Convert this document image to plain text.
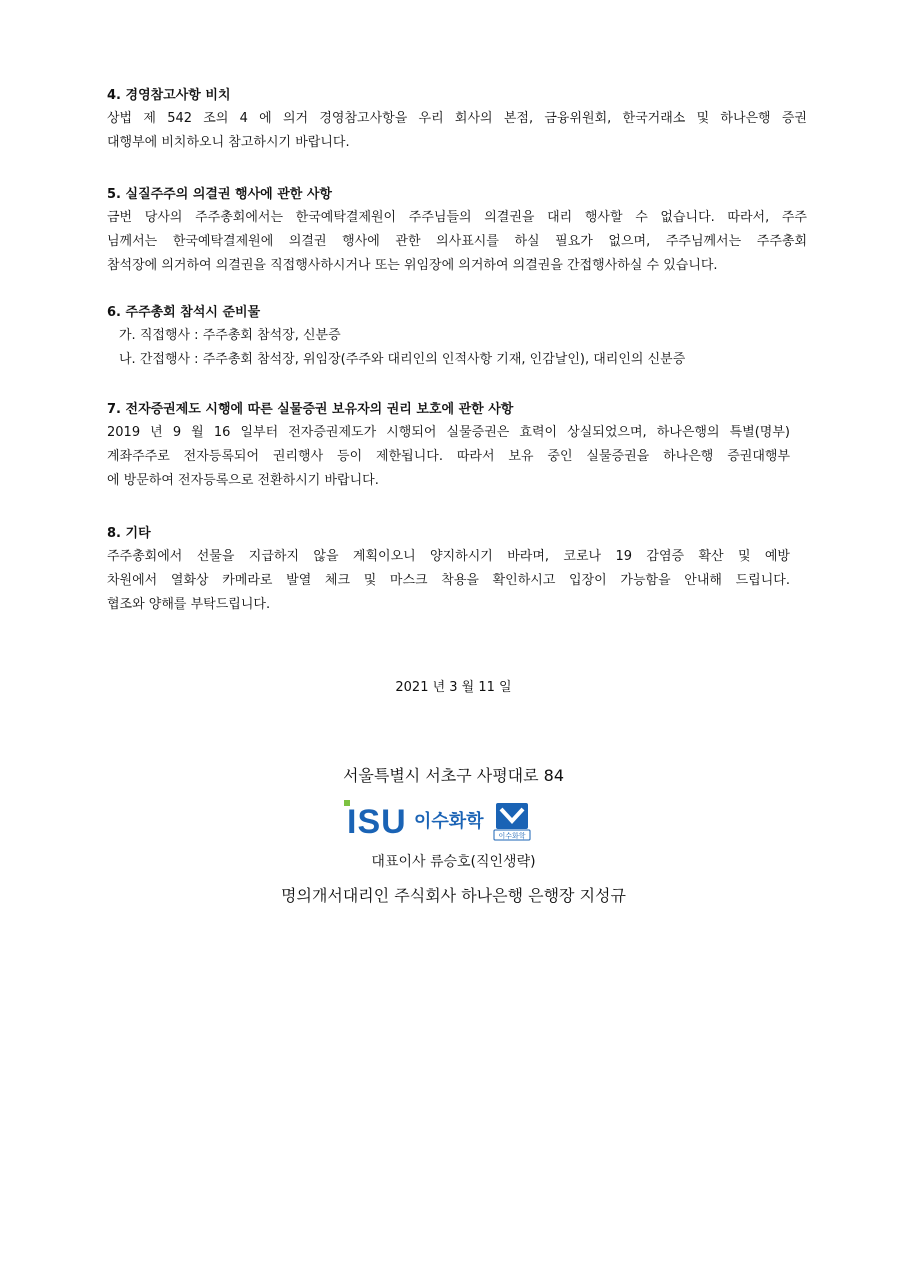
4. 경영참고사항 비치
상법 제 542 조의 4 에 의거 경영참고사항을 우리 회사의 본점, 금융위원회, 한국거래소 및 하나은행 증권
대행부에 비치하오니 참고하시기 바랍니다.
5. 실질주주의 의결권 행사에 관한 사항
금번 당사의 주주총회에서는 한국예탁결제원이 주주님들의 의결권을 대리 행사할 수 없습니다. 따라서, 주주
님께서는 한국예탁결제원에 의결권 행사에 관한 의사표시를 하실 필요가 없으며, 주주님께서는 주주총회
참석장에 의거하여 의결권을 직접행사하시거나 또는 위임장에 의거하여 의결권을 간접행사하실 수 있습니다.
6. 주주총회 참석시 준비물
가. 직접행사 : 주주총회 참석장, 신분증
나. 간접행사 : 주주총회 참석장, 위임장(주주와 대리인의 인적사항 기재, 인감날인), 대리인의 신분증
7. 전자증권제도 시행에 따른 실물증권 보유자의 권리 보호에 관한 사항
2019 년 9 월 16 일부터 전자증권제도가 시행되어 실물증권은 효력이 상실되었으며, 하나은행의 특별(명부)
계좌주주로 전자등록되어 권리행사 등이 제한됩니다. 따라서 보유 중인 실물증권을 하나은행 증권대행부
에 방문하여 전자등록으로 전환하시기 바랍니다.
8. 기타
주주총회에서 선물을 지급하지 않을 계획이오니 양지하시기 바라며, 코로나 19 감염증 확산 및 예방
차원에서 열화상 카메라로 발열 체크 및 마스크 착용을 확인하시고 입장이 가능함을 안내해 드립니다.
협조와 양해를 부탁드립니다.
2021 년 3 월 11 일
서울특별시 서초구 사평대로 84
ISU 이수화학
이수화학
대표이사 류승호(직인생략)
명의개서대리인 주식회사 하나은행 은행장 지성규
